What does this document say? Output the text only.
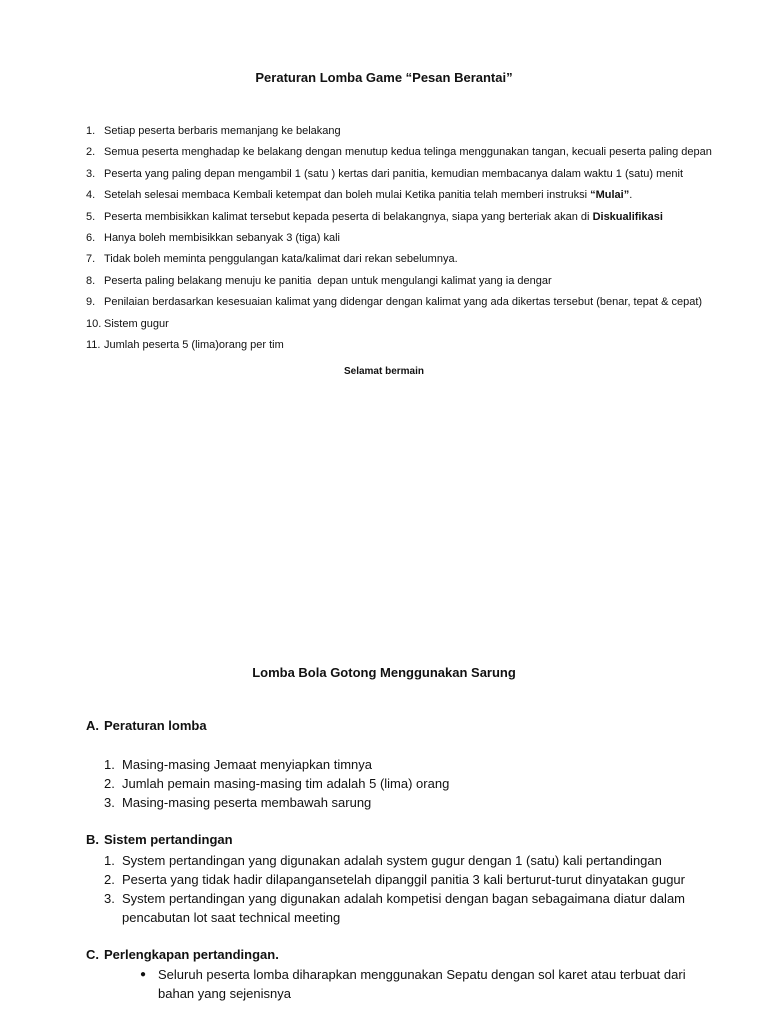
Peraturan Lomba Game “Pesan Berantai”
1. Setiap peserta berbaris memanjang ke belakang
2. Semua peserta menghadap ke belakang dengan menutup kedua telinga menggunakan tangan, kecuali peserta paling depan
3. Peserta yang paling depan mengambil 1 (satu ) kertas dari panitia, kemudian membacanya dalam waktu 1 (satu) menit
4. Setelah selesai membaca Kembali ketempat dan boleh mulai Ketika panitia telah memberi instruksi “Mulai” .
5. Peserta membisikkan kalimat tersebut kepada peserta di belakangnya, siapa yang berteriak akan di Diskualifikasi
6. Hanya boleh membisikkan sebanyak 3 (tiga) kali
7. Tidak boleh meminta penggulangan kata/kalimat dari rekan sebelumnya.
8. Peserta paling belakang menuju ke panitia  depan untuk mengulangi kalimat yang ia dengar
9. Penilaian berdasarkan kesesuaian kalimat yang didengar dengan kalimat yang ada dikertas tersebut (benar, tepat & cepat)
10. Sistem gugur
11. Jumlah peserta 5 (lima)orang per tim
Selamat bermain
Lomba Bola Gotong Menggunakan Sarung
A. Peraturan lomba
1. Masing-masing Jemaat menyiapkan timnya
2. Jumlah pemain masing-masing tim adalah 5 (lima) orang
3. Masing-masing peserta membawah sarung
B. Sistem pertandingan
1. System pertandingan yang digunakan adalah system gugur dengan 1 (satu) kali pertandingan
2. Peserta yang tidak hadir dilapangansetelah dipanggil panitia 3 kali berturut-turut dinyatakan gugur
3. System pertandingan yang digunakan adalah kompetisi dengan bagan sebagaimana diatur dalam pencabutan lot saat technical meeting
C. Perlengkapan pertandingan.
● Seluruh peserta lomba diharapkan menggunakan Sepatu dengan sol karet atau terbuat dari bahan yang sejenisnya
